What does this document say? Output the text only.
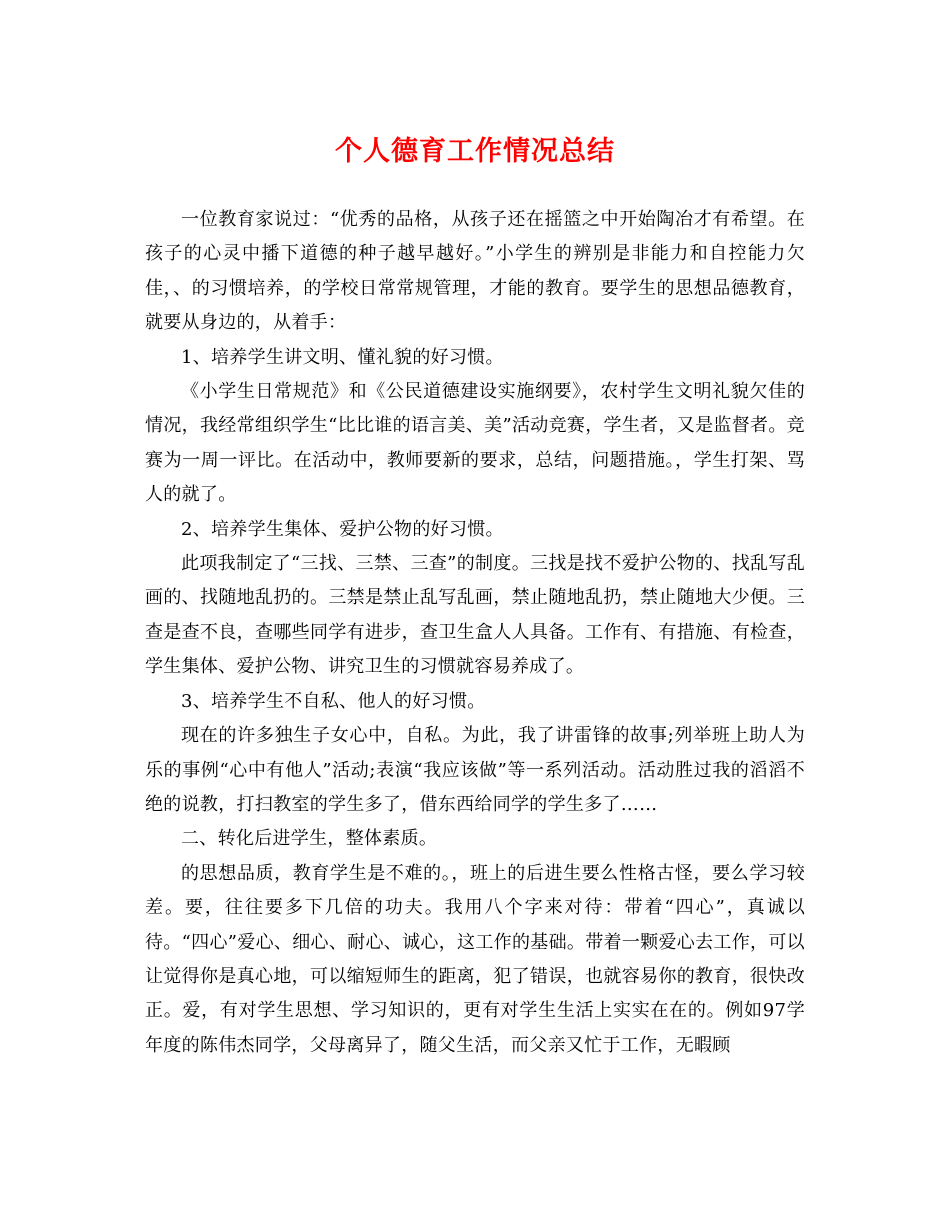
个人德育工作情况总结

一位教育家说过：“优秀的品格，从孩子还在摇篮之中开始陶冶才有希望。在孩子的心灵中播下道德的种子越早越好。”小学生的辨别是非能力和自控能力欠佳，、的习惯培养，的学校日常常规管理，才能的教育。要学生的思想品德教育，就要从身边的，从着手：

1、培养学生讲文明、懂礼貌的好习惯。

《小学生日常规范》和《公民道德建设实施纲要》，农村学生文明礼貌欠佳的情况，我经常组织学生“比比谁的语言美、美”活动竞赛，学生者，又是监督者。竞赛为一周一评比。在活动中，教师要新的要求，总结，问题措施。，学生打架、骂人的就了。

2、培养学生集体、爱护公物的好习惯。

此项我制定了“三找、三禁、三查”的制度。三找是找不爱护公物的、找乱写乱画的、找随地乱扔的。三禁是禁止乱写乱画，禁止随地乱扔，禁止随地大少便。三查是查不良，查哪些同学有进步，查卫生盒人人具备。工作有、有措施、有检查，学生集体、爱护公物、讲究卫生的习惯就容易养成了。

3、培养学生不自私、他人的好习惯。

现在的许多独生子女心中，自私。为此，我了讲雷锋的故事;列举班上助人为乐的事例“心中有他人”活动;表演“我应该做”等一系列活动。活动胜过我的滔滔不绝的说教，打扫教室的学生多了，借东西给同学的学生多了……

二、转化后进学生，整体素质。

的思想品质，教育学生是不难的。，班上的后进生要么性格古怪，要么学习较差。要，往往要多下几倍的功夫。我用八个字来对待：带着“四心”，真诚以待。“四心”爱心、细心、耐心、诚心，这工作的基础。带着一颗爱心去工作，可以让觉得你是真心地，可以缩短师生的距离，犯了错误，也就容易你的教育，很快改正。爱，有对学生思想、学习知识的，更有对学生生活上实实在在的。例如97学年度的陈伟杰同学，父母离异了，随父生活，而父亲又忙于工作，无暇顾
